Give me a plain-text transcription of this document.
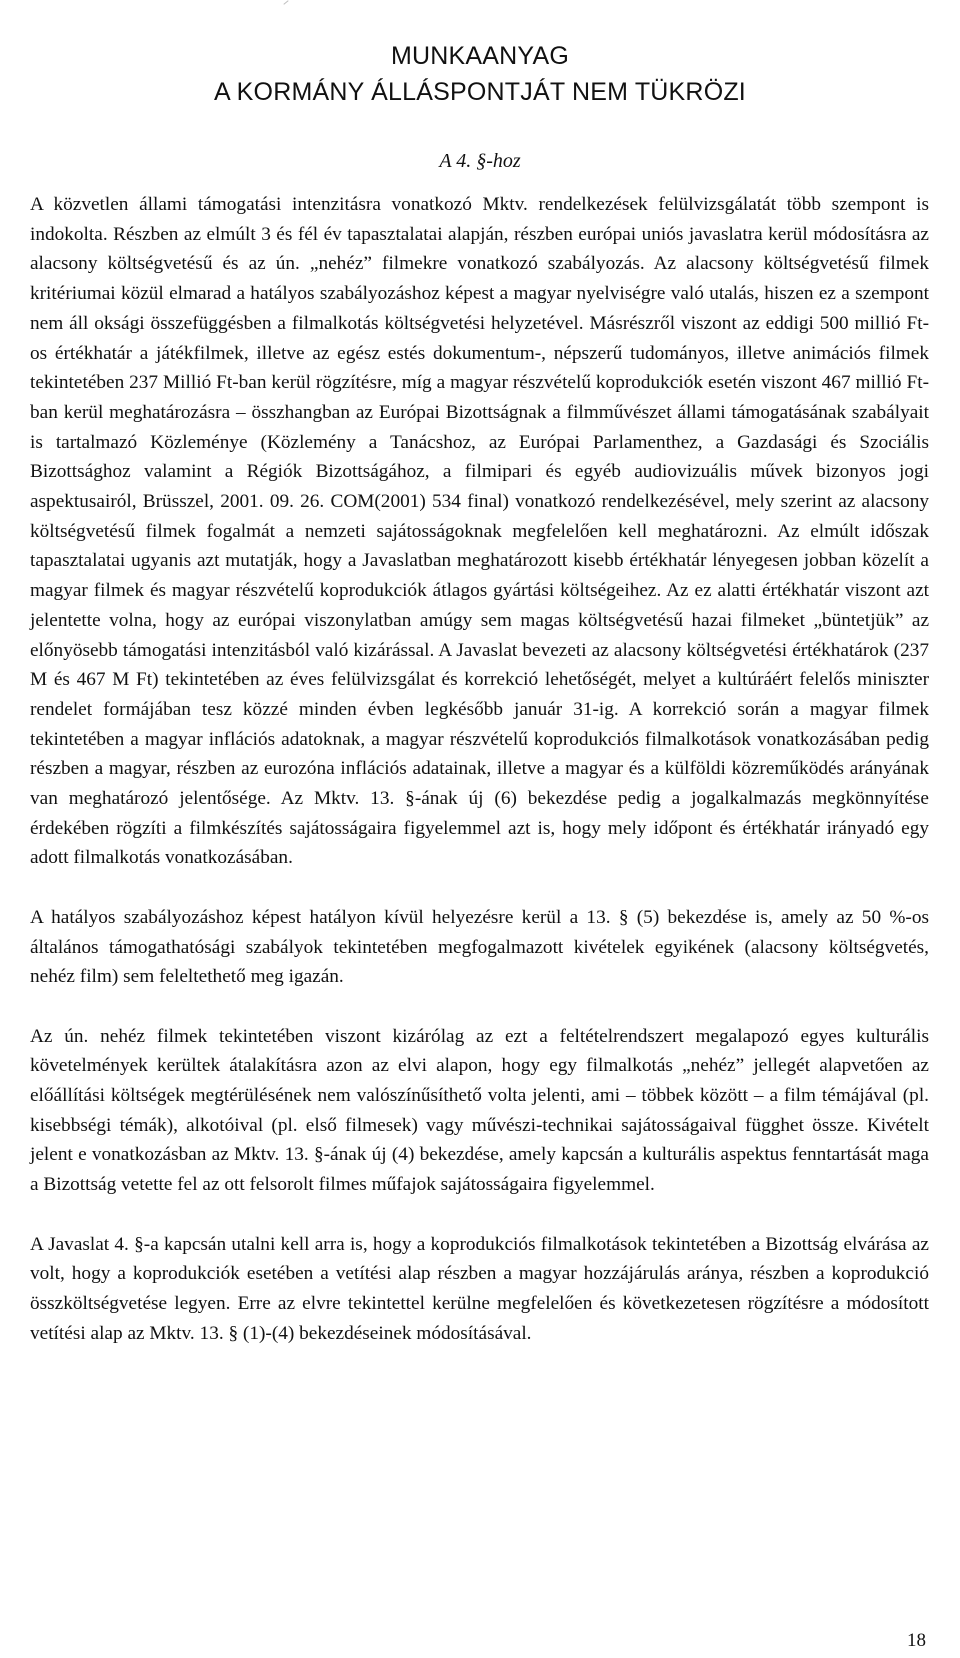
MUNKAANYAG
A KORMÁNY ÁLLÁSPONTJÁT NEM TÜKRÖZI
A 4. §-hoz

A közvetlen állami támogatási intenzitásra vonatkozó Mktv. rendelkezések felülvizsgálatát több szempont is indokolta. Részben az elmúlt 3 és fél év tapasztalatai alapján, részben európai uniós javaslatra kerül módosításra az alacsony költségvetésű és az ún. „nehéz” filmekre vonatkozó szabályozás. Az alacsony költségvetésű filmek kritériumai közül elmarad a hatályos szabályozáshoz képest a magyar nyelviségre való utalás, hiszen ez a szempont nem áll oksági összefüggésben a filmalkotás költségvetési helyzetével. Másrészről viszont az eddigi 500 millió Ft-os értékhatár a játékfilmek, illetve az egész estés dokumentum-, népszerű tudományos, illetve animációs filmek tekintetében 237 Millió Ft-ban kerül rögzítésre, míg a magyar részvételű koprodukciók esetén viszont 467 millió Ft-ban kerül meghatározásra – összhangban az Európai Bizottságnak a filmművészet állami támogatásának szabályait is tartalmazó Közleménye (Közlemény a Tanácshoz, az Európai Parlamenthez, a Gazdasági és Szociális Bizottsághoz valamint a Régiók Bizottságához, a filmipari és egyéb audiovizuális művek bizonyos jogi aspektusairól, Brüsszel, 2001. 09. 26. COM(2001) 534 final) vonatkozó rendelkezésével, mely szerint az alacsony költségvetésű filmek fogalmát a nemzeti sajátosságoknak megfelelően kell meghatározni. Az elmúlt időszak tapasztalatai ugyanis azt mutatják, hogy a Javaslatban meghatározott kisebb értékhatár lényegesen jobban közelít a magyar filmek és magyar részvételű koprodukciók átlagos gyártási költségeihez. Az ez alatti értékhatár viszont azt jelentette volna, hogy az európai viszonylatban amúgy sem magas költségvetésű hazai filmeket „büntetjük” az előnyösebb támogatási intenzitásból való kizárással. A Javaslat bevezeti az alacsony költségvetési értékhatárok (237 M és 467 M Ft) tekintetében az éves felülvizsgálat és korrekció lehetőségét, melyet a kultúráért felelős miniszter rendelet formájában tesz közzé minden évben legkésőbb január 31-ig. A korrekció során a magyar filmek tekintetében a magyar inflációs adatoknak, a magyar részvételű koprodukciós filmalkotások vonatkozásában pedig részben a magyar, részben az eurozóna inflációs adatainak, illetve a magyar és a külföldi közreműködés arányának van meghatározó jelentősége. Az Mktv. 13. §-ának új (6) bekezdése pedig a jogalkalmazás megkönnyítése érdekében rögzíti a filmkészítés sajátosságaira figyelemmel azt is, hogy mely időpont és értékhatár irányadó egy adott filmalkotás vonatkozásában.

A hatályos szabályozáshoz képest hatályon kívül helyezésre kerül a 13. § (5) bekezdése is, amely az 50 %-os általános támogathatósági szabályok tekintetében megfogalmazott kivételek egyikének (alacsony költségvetés, nehéz film) sem feleltethető meg igazán.

Az ún. nehéz filmek tekintetében viszont kizárólag az ezt a feltételrendszert megalapozó egyes kulturális követelmények kerültek átalakításra azon az elvi alapon, hogy egy filmalkotás „nehéz” jellegét alapvetően az előállítási költségek megtérülésének nem valószínűsíthető volta jelenti, ami – többek között – a film témájával (pl. kisebbségi témák), alkotóival (pl. első filmesek) vagy művészi-technikai sajátosságaival függhet össze. Kivételt jelent e vonatkozásban az Mktv. 13. §-ának új (4) bekezdése, amely kapcsán a kulturális aspektus fenntartását maga a Bizottság vetette fel az ott felsorolt filmes műfajok sajátosságaira figyelemmel.

A Javaslat 4. §-a kapcsán utalni kell arra is, hogy a koprodukciós filmalkotások tekintetében a Bizottság elvárása az volt, hogy a koprodukciók esetében a vetítési alap részben a magyar hozzájárulás aránya, részben a koprodukció összköltségvetése legyen. Erre az elvre tekintettel kerülne megfelelően és következetesen rögzítésre a módosított vetítési alap az Mktv. 13. § (1)-(4) bekezdéseinek módosításával.

18
